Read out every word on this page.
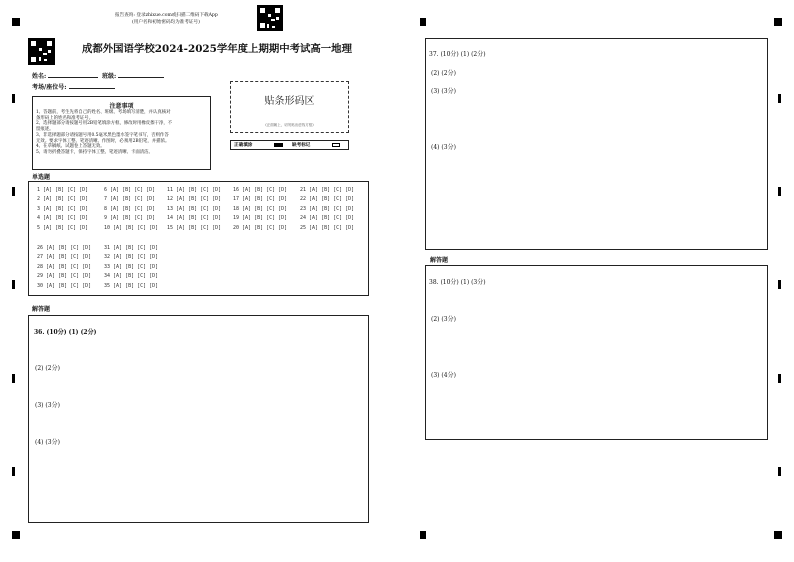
报告查询: 登录zhixue.com或扫描二维码下载App
(用户名和初始密码均为准考证号)
成都外国语学校2024-2025学年度上期期中考试高一地理
姓名:	班级:
考场/座位号:
贴条形码区
(正面朝上，切勿贴出虚线方框)
正确填涂	缺考标记
注意事项
1、答题前，考生先将自己的姓名、班级、考场填写清楚，并认真核对
条形码上的姓名和准考证号。
2、选择题部分请按题号用2B铅笔填涂方框，修改时用橡皮擦干净，不
留痕迹。
3、非选择题部分请按题号用0.5毫米黑色墨水签字笔书写，否则作答
无效。要求字体工整、笔迹清晰。作图时，必须用2B铅笔，并描浓。
4、在草稿纸、试题卷上答题无效。
5、请勿折叠答题卡，保持字体工整、笔迹清晰、卡面清洁。
单选题
1 [A] [B] [C] [D]
2 [A] [B] [C] [D]
3 [A] [B] [C] [D]
4 [A] [B] [C] [D]
5 [A] [B] [C] [D]
6 [A] [B] [C] [D]
7 [A] [B] [C] [D]
8 [A] [B] [C] [D]
9 [A] [B] [C] [D]
10 [A] [B] [C] [D]
11 [A] [B] [C] [D]
12 [A] [B] [C] [D]
13 [A] [B] [C] [D]
14 [A] [B] [C] [D]
15 [A] [B] [C] [D]
16 [A] [B] [C] [D]
17 [A] [B] [C] [D]
18 [A] [B] [C] [D]
19 [A] [B] [C] [D]
20 [A] [B] [C] [D]
21 [A] [B] [C] [D]
22 [A] [B] [C] [D]
23 [A] [B] [C] [D]
24 [A] [B] [C] [D]
25 [A] [B] [C] [D]
26 [A] [B] [C] [D]
27 [A] [B] [C] [D]
28 [A] [B] [C] [D]
29 [A] [B] [C] [D]
30 [A] [B] [C] [D]
31 [A] [B] [C] [D]
32 [A] [B] [C] [D]
33 [A] [B] [C] [D]
34 [A] [B] [C] [D]
35 [A] [B] [C] [D]
解答题
36. (10分) (1) (2分)
(2) (2分)
(3) (3分)
(4) (3分)
37. (10分) (1) (2分)
(2) (2分)
(3) (3分)
(4) (3分)
解答题
38. (10分) (1) (3分)
(2) (3分)
(3) (4分)
